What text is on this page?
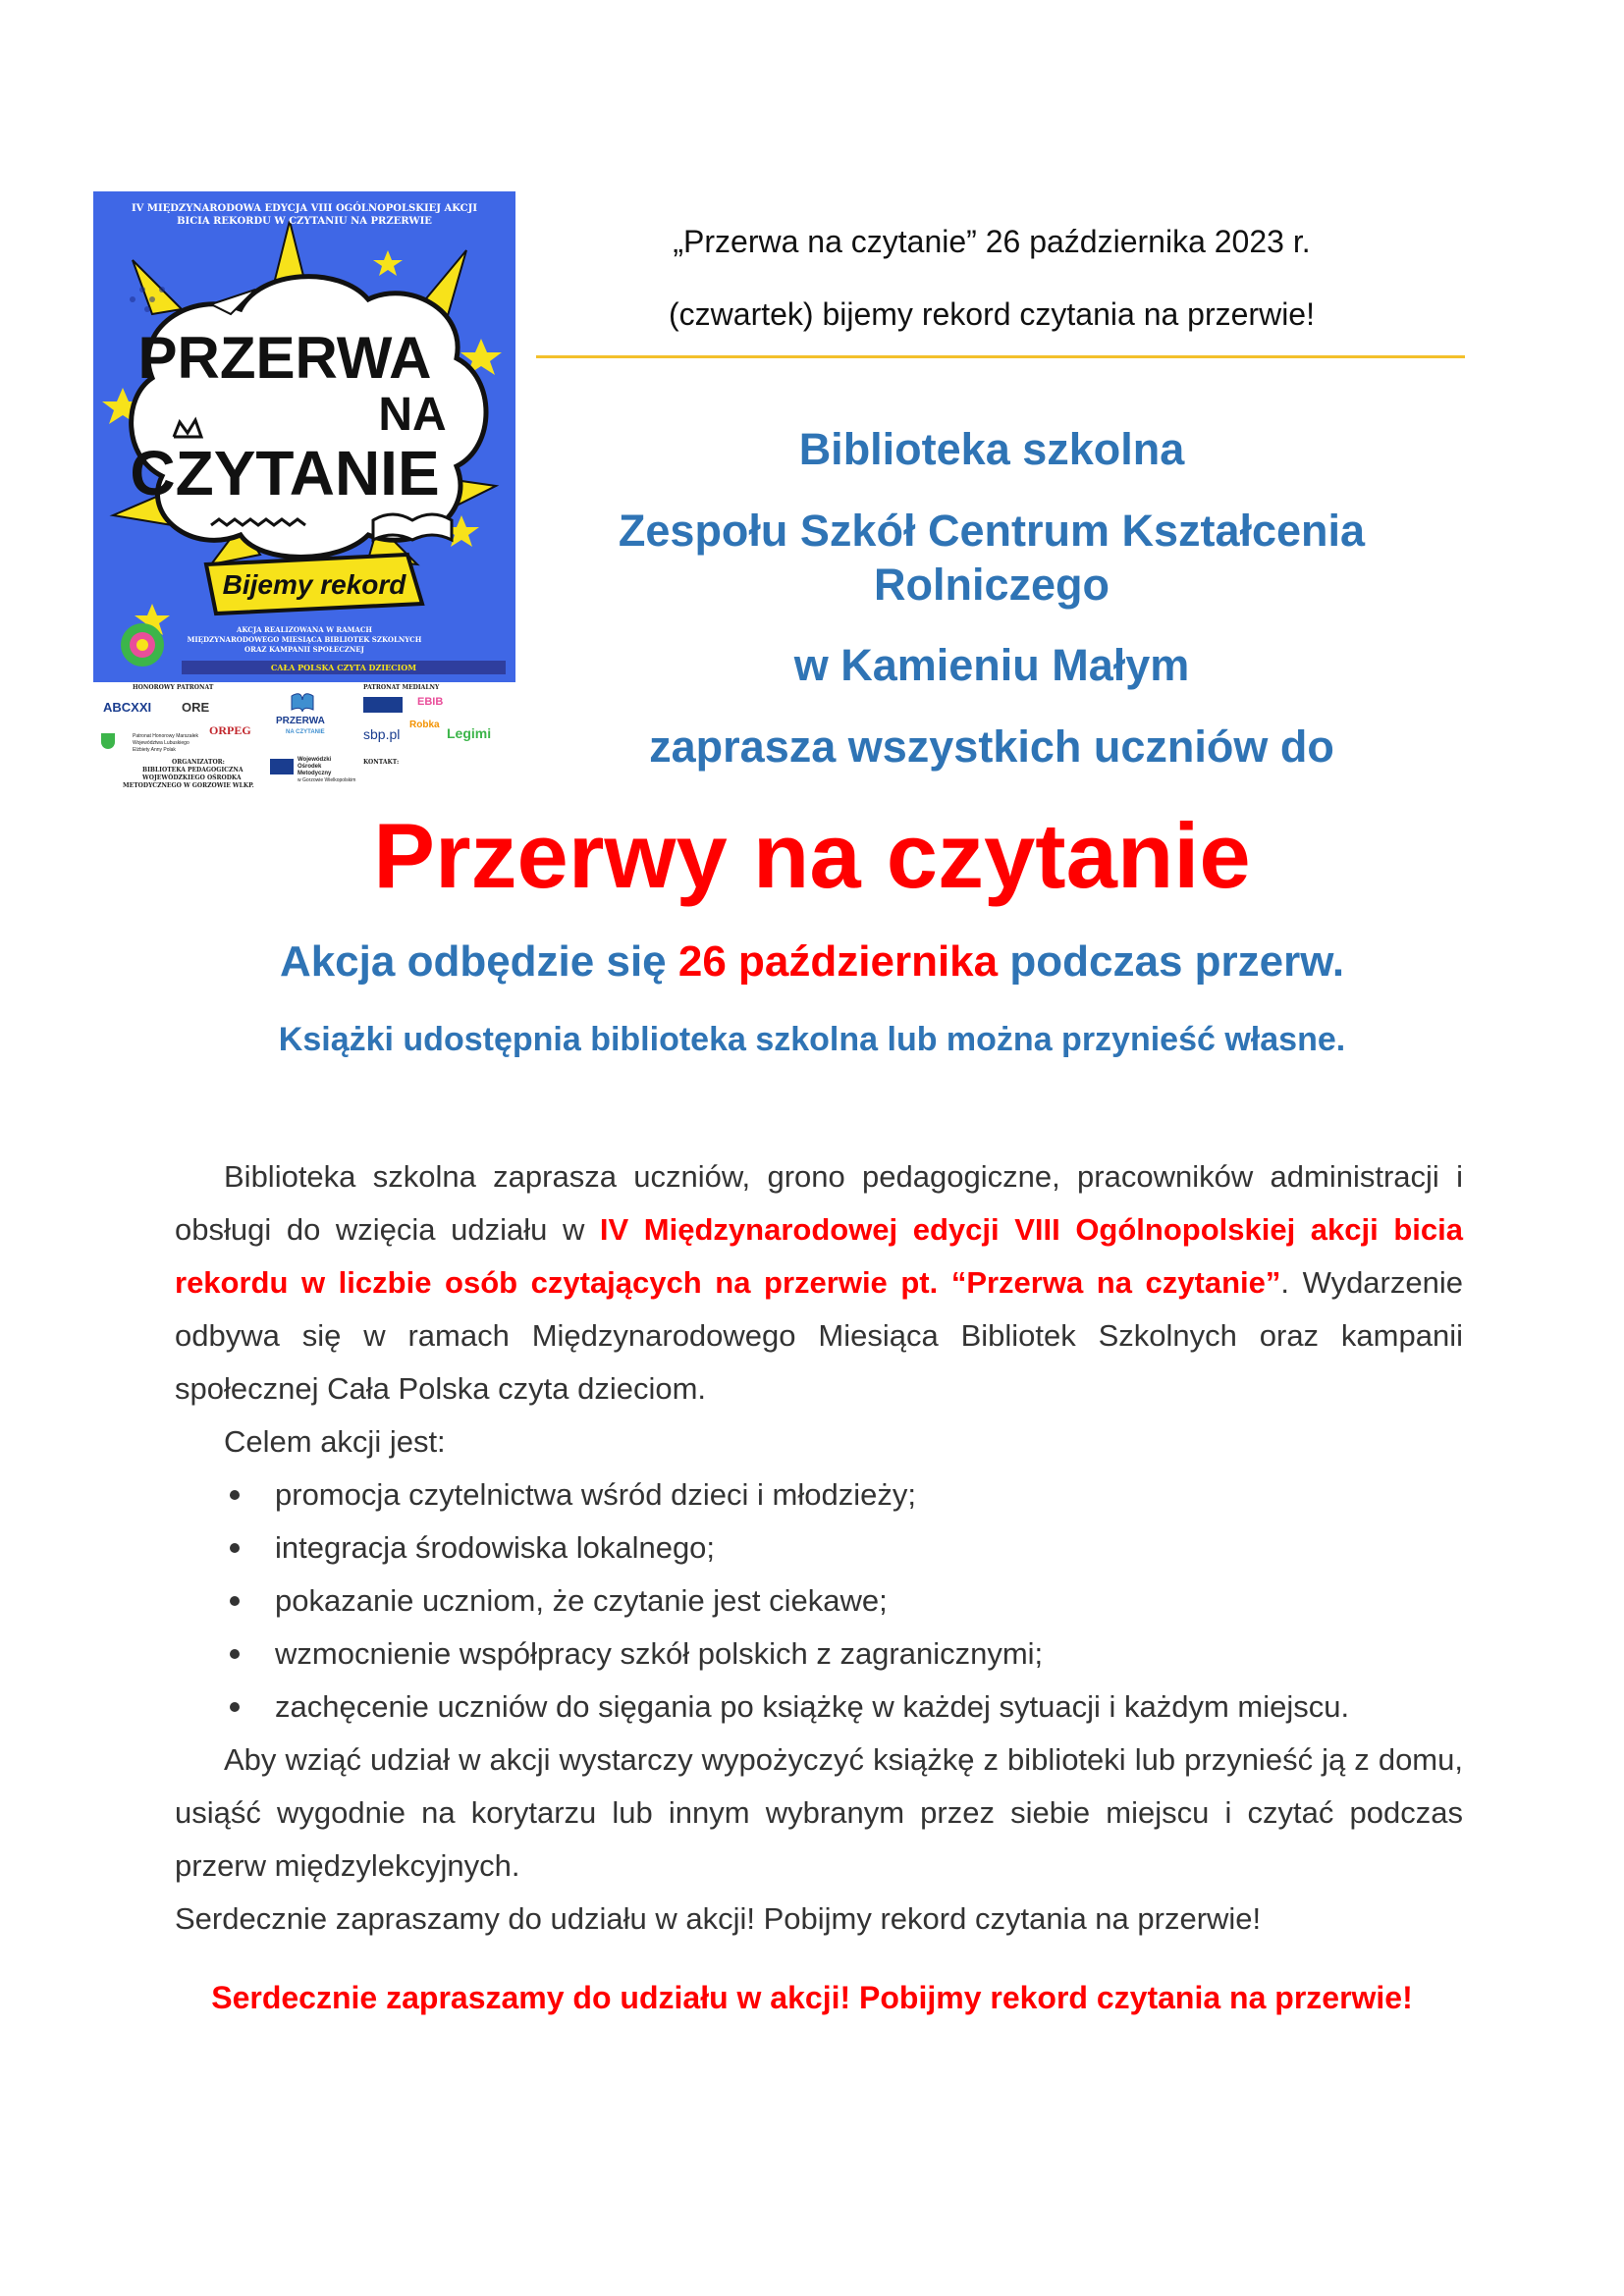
IV MIĘDZYNARODOWA EDYCJA VIII OGÓLNOPOLSKIEJ AKCJI
BICIA REKORDU W CZYTANIU NA PRZERWIE
PRZERWA
NA
CZYTANIE
Bijemy rekord
AKCJA REALIZOWANA W RAMACH
MIĘDZYNARODOWEGO MIESIĄCA BIBLIOTEK SZKOLNYCH
ORAZ KAMPANII SPOŁECZNEJ
CAŁA POLSKA CZYTA DZIECIOM
HONOROWY PATRONAT	PATRONAT MEDIALNY
ABCXXI ORE
ORPEG
PRZERWA
NA CZYTANIE
EBIB
sbp.pl
Robka
Legimi
Patronat Honorowy Marszałek
Województwa Lubuskiego
Elżbiety Anny Polak
Wojewódzki
Ośrodek
Metodyczny
w Gorzowie Wielkopolskim
ORGANIZATOR:
BIBLIOTEKA PEDAGOGICZNA
WOJEWÓDZKIEGO OŚRODKA
METODYCZNEGO W GORZOWIE WLKP.
KONTAKT:
„Przerwa na czytanie” 26 października 2023 r.
(czwartek) bijemy rekord czytania na przerwie!
Biblioteka szkolna
Zespołu Szkół Centrum Kształcenia
Rolniczego
w Kamieniu Małym
zaprasza wszystkich uczniów do
Przerwy na czytanie
Akcja odbędzie się 26 października podczas przerw.
Książki udostępnia biblioteka szkolna lub można przynieść własne.

Biblioteka szkolna zaprasza uczniów, grono pedagogiczne, pracowników administracji i obsługi do wzięcia udziału w IV Międzynarodowej edycji VIII Ogólnopolskiej akcji bicia rekordu w liczbie osób czytających na przerwie pt. “Przerwa na czytanie”. Wydarzenie odbywa się w ramach Międzynarodowego Miesiąca Bibliotek Szkolnych oraz kampanii społecznej Cała Polska czyta dzieciom.

Celem akcji jest:

promocja czytelnictwa wśród dzieci i młodzieży;
integracja środowiska lokalnego;
pokazanie uczniom, że czytanie jest ciekawe;
wzmocnienie współpracy szkół polskich z zagranicznymi;
zachęcenie uczniów do sięgania po książkę w każdej sytuacji i każdym miejscu.

Aby wziąć udział w akcji wystarczy wypożyczyć książkę z biblioteki lub przynieść ją z domu, usiąść wygodnie na korytarzu lub innym wybranym przez siebie miejscu i czytać podczas przerw międzylekcyjnych.

Serdecznie zapraszamy do udziału w akcji! Pobijmy rekord czytania na przerwie!

Serdecznie zapraszamy do udziału w akcji! Pobijmy rekord czytania na przerwie!
